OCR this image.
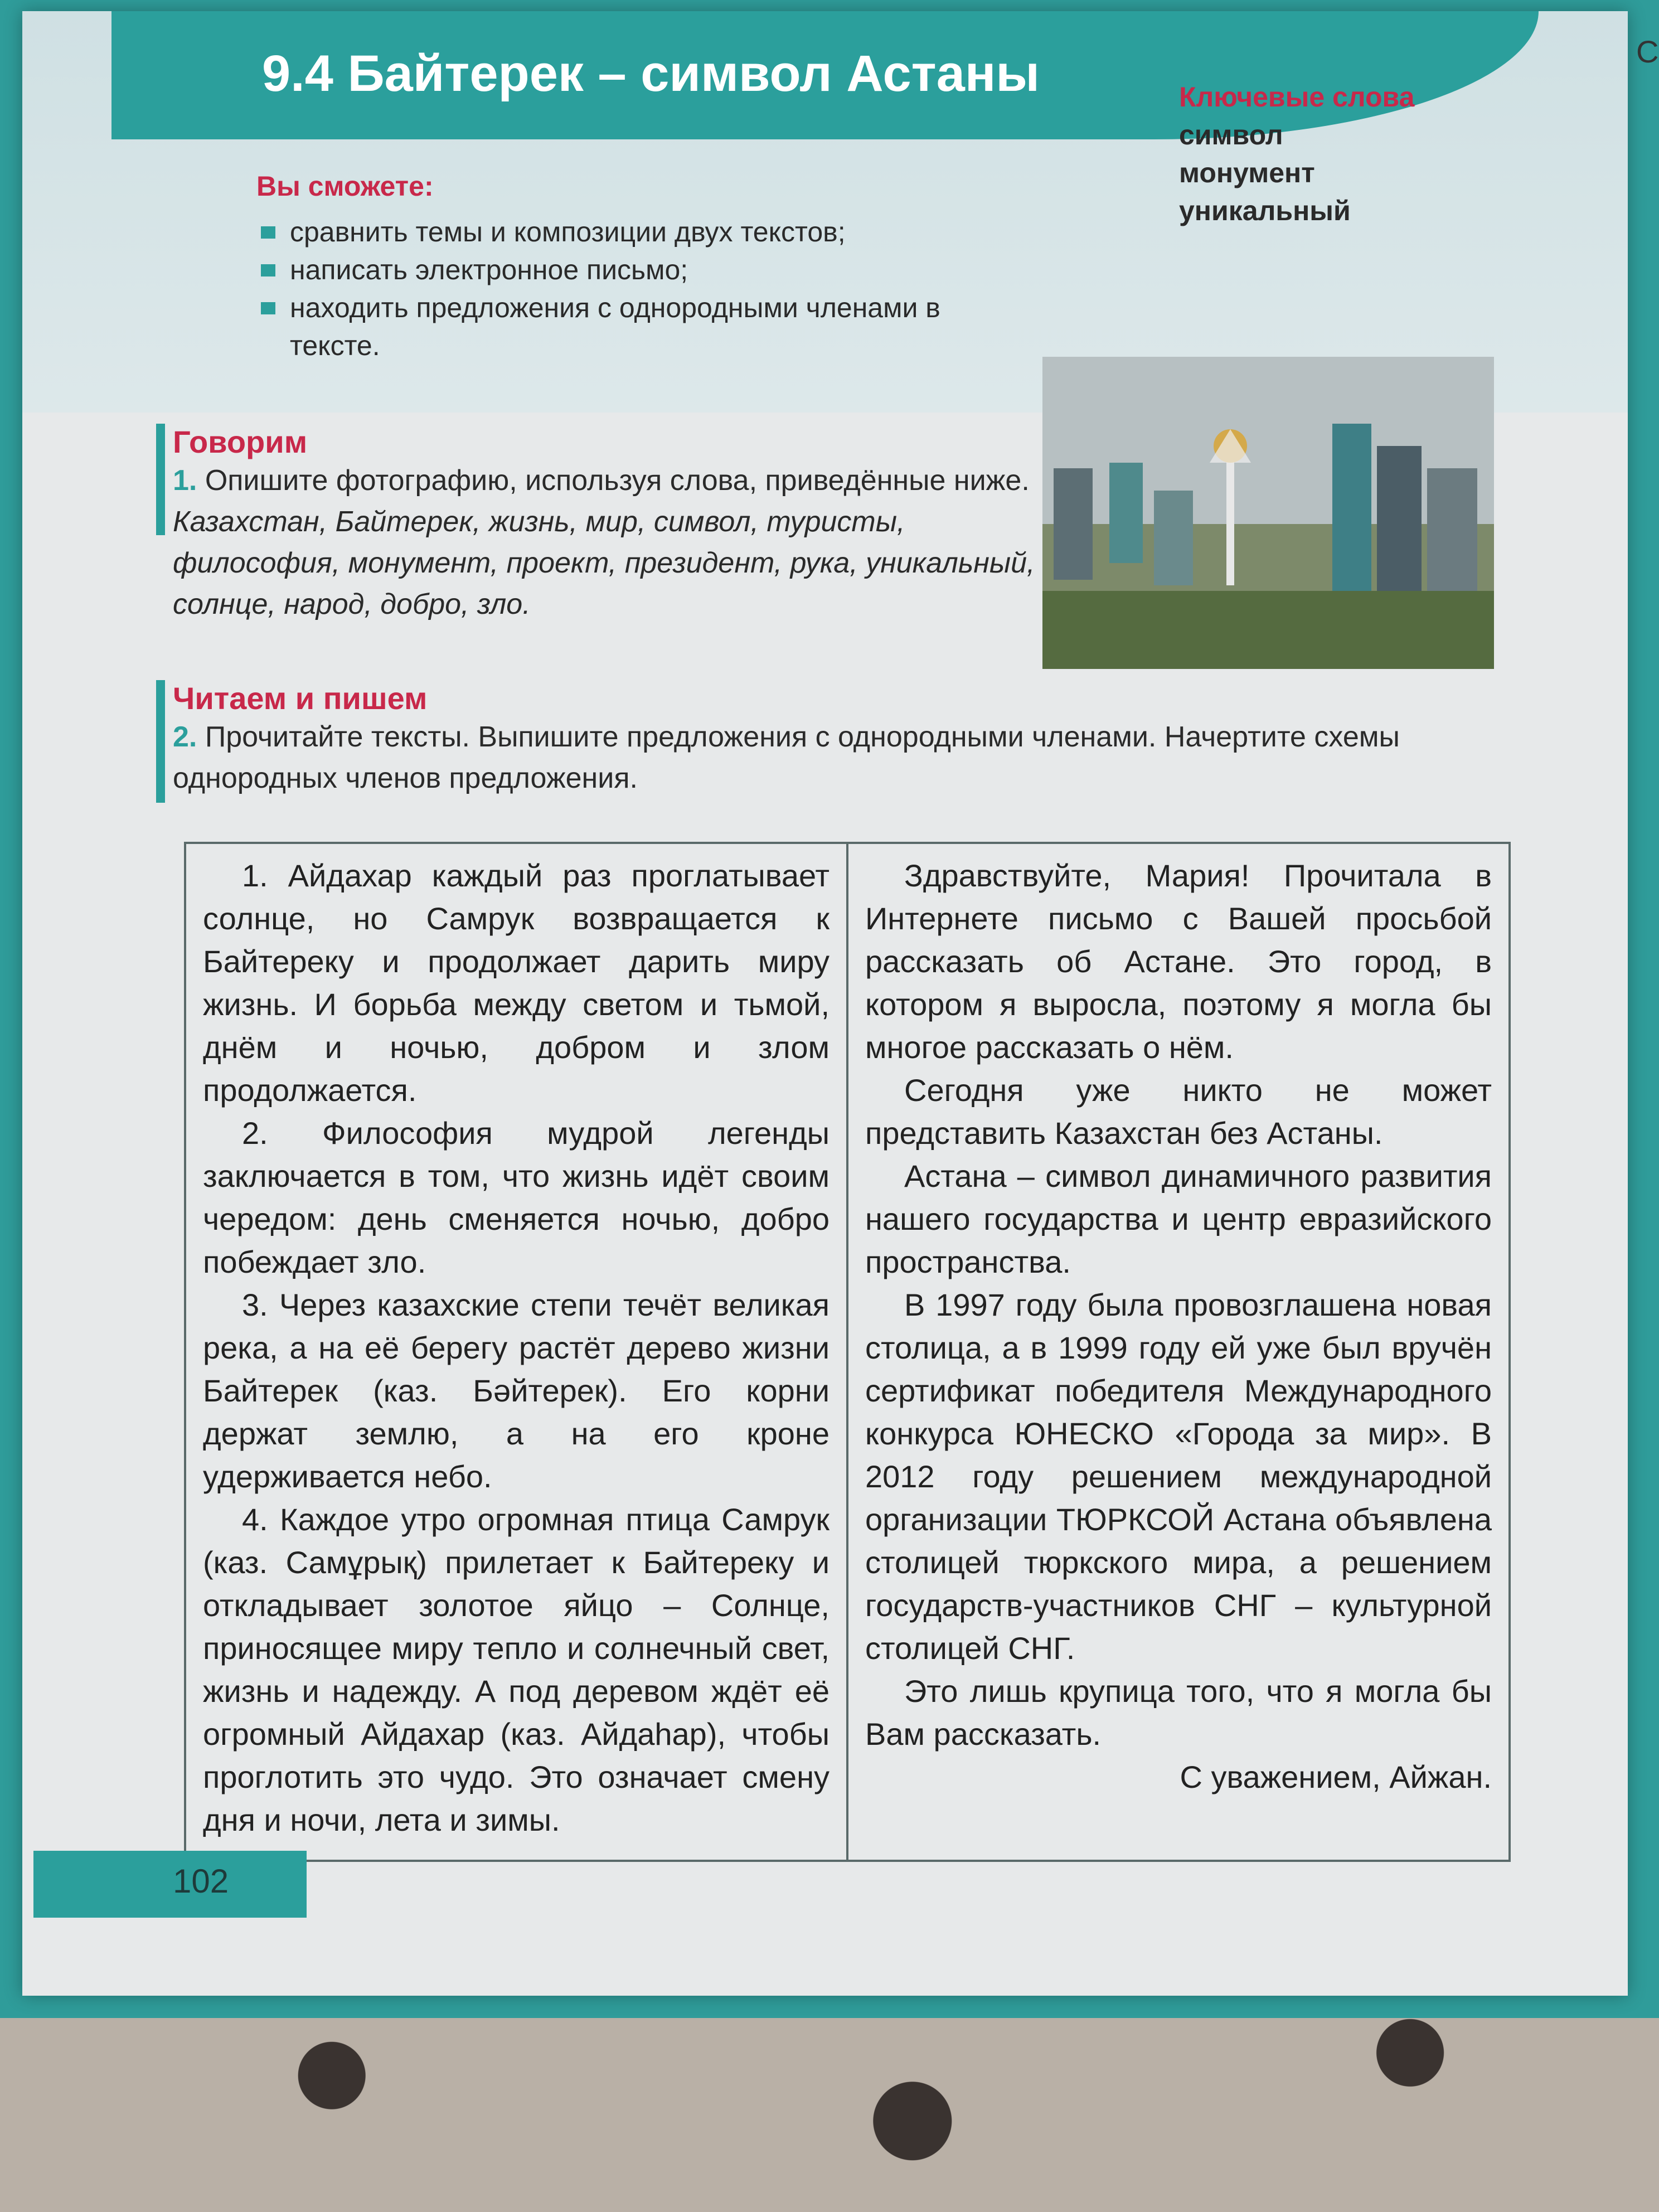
9.4 Байтерек – символ Астаны	Ключевые слова
символ
монумент
уникальный
Вы сможете:
сравнить темы и композиции двух текстов;
написать электронное письмо;
находить предложения с однородными членами в тексте.
Говорим
1. Опишите фотографию, используя слова, приведённые ниже.
Казахстан, Байтерек, жизнь, мир, символ, туристы, философия, монумент, проект, президент, рука, уникальный, солнце, народ, добро, зло.
Читаем и пишем
2. Прочитайте тексты. Выпишите предложения с однородными членами. Начертите схемы однородных членов предложения.

1. Айдахар каждый раз проглатывает солнце, но Самрук возвращается к Байтереку и продолжает дарить миру жизнь. И борьба между светом и тьмой, днём и ночью, добром и злом продолжается.

2. Философия мудрой легенды заключается в том, что жизнь идёт своим чередом: день сменяется ночью, добро побеждает зло.

3. Через казахские степи течёт великая река, а на её берегу растёт дерево жизни Байтерек (каз. Бәйтерек). Его корни держат землю, а на его кроне удерживается небо.

4. Каждое утро огромная птица Самрук (каз. Самұрық) прилетает к Байтереку и откладывает золотое яйцо – Солнце, приносящее миру тепло и солнечный свет, жизнь и надежду. А под деревом ждёт её огромный Айдахар (каз. Айдаһар), чтобы проглотить это чудо. Это означает смену дня и ночи, лета и зимы.

Здравствуйте, Мария! Прочитала в Интернете письмо с Вашей просьбой рассказать об Астане. Это город, в котором я выросла, поэтому я могла бы многое рассказать о нём.

Сегодня уже никто не может представить Казахстан без Астаны.

Астана – символ динамичного развития нашего государства и центр евразийского пространства.

В 1997 году была провозглашена новая столица, а в 1999 году ей уже был вручён сертификат победителя Международного конкурса ЮНЕСКО «Города за мир». В 2012 году решением международной организации ТЮРКСОЙ Астана объявлена столицей тюркского мира, а решением государств-участников СНГ – культурной столицей СНГ.

Это лишь крупица того, что я могла бы Вам рассказать.

С уважением, Айжан.

102
С
